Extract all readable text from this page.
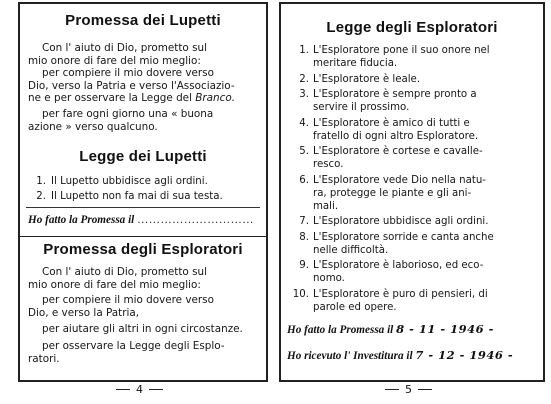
Promessa dei Lupetti

Con l' aiuto di Dio, prometto sul

mio onore di fare del mio meglio:

per compiere il mio dovere verso

Dio, verso la Patria e verso l'Associazio-

ne e per osservare la Legge del Branco.

per fare ogni giorno una « buona

azione » verso qualcuno.

Legge dei Lupetti
1. Il Lupetto ubbidisce agli ordini.
2. Il Lupetto non fa mai di sua testa.
Ho fatto la Promessa il …………………………
Promessa degli Esploratori

Con l' aiuto di Dio, prometto sul

mio onore di fare del mio meglio:

per compiere il mio dovere verso

Dio, e verso la Patria,

per aiutare gli altri in ogni circostanze.

per osservare la Legge degli Esplo-

ratori.

4
Legge degli Esploratori
1. L'Esploratore pone il suo onore nel
meritare fiducia.
2. L'Esploratore è leale.
3. L'Esploratore è sempre pronto a
servire il prossimo.
4. L'Esploratore è amico di tutti e
fratello di ogni altro Esploratore.
5. L'Esploratore è cortese e cavalle-
resco.
6. L'Esploratore vede Dio nella natu-
ra, protegge le piante e gli ani-
mali.
7. L'Esploratore ubbidisce agli ordini.
8. L'Esploratore sorride e canta anche
nelle difficoltà.
9. L'Esploratore è laborioso, ed eco-
nomo.
10. L'Esploratore è puro di pensieri, di
parole ed opere.
Ho fatto la Promessa il 8 - 11 - 1946 -
Ho ricevuto l' Investitura il 7 - 12 - 1946 -
5
